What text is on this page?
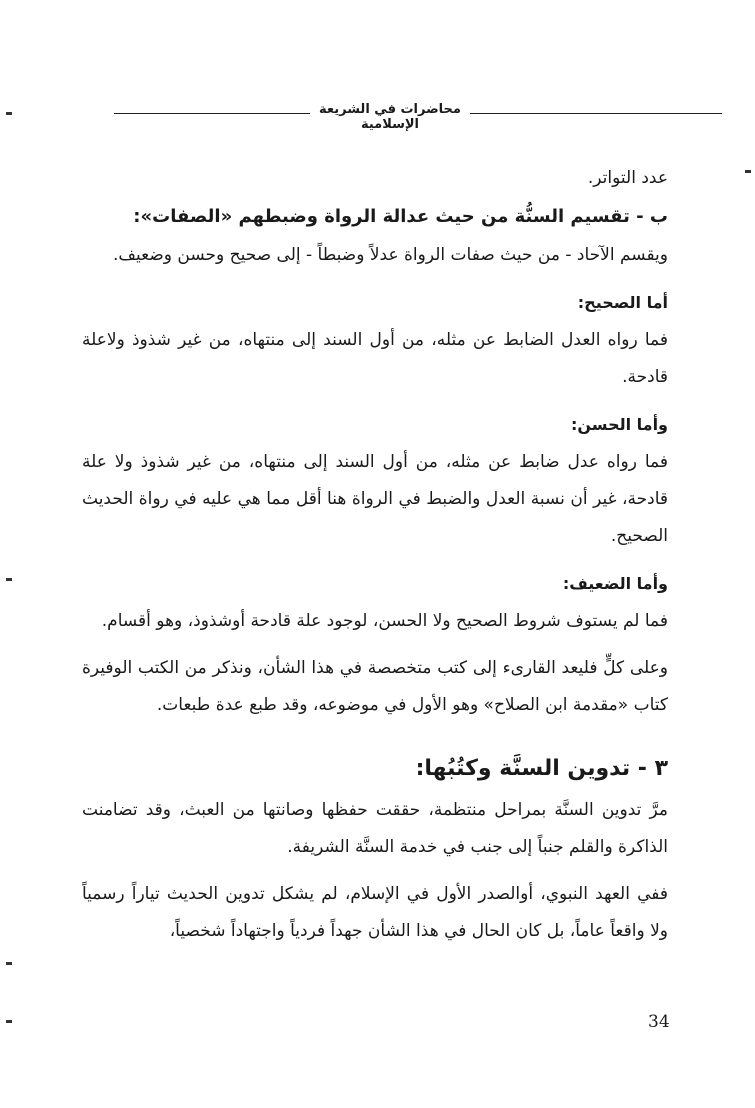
محاضرات في الشريعة الإسلامية

عدد التواتر.

ب - تقسيم السنُّة من حيث عدالة الرواة وضبطهم «الصفات»:

ويقسم الآحاد - من حيث صفات الرواة عدلاً وضبطاً - إلى صحيح وحسن وضعيف.

أما الصحيح:

فما رواه العدل الضابط عن مثله، من أول السند إلى منتهاه، من غير شذوذ ولاعلة قادحة.

وأما الحسن:

فما رواه عدل ضابط عن مثله، من أول السند إلى منتهاه، من غير شذوذ ولا علة قادحة، غير أن نسبة العدل والضبط في الرواة هنا أقل مما هي عليه في رواة الحديث الصحيح.

وأما الضعيف:

فما لم يستوف شروط الصحيح ولا الحسن، لوجود علة قادحة أوشذوذ، وهو أقسام.

وعلى كلٍّ فليعد القارىء إلى كتب متخصصة في هذا الشأن، ونذكر من الكتب الوفيرة كتاب «مقدمة ابن الصلاح» وهو الأول في موضوعه، وقد طبع عدة طبعات.

٣ - تدوين السنَّة وكتُبُها:

مرَّ تدوين السنَّة بمراحل منتظمة، حققت حفظها وصانتها من العبث، وقد تضامنت الذاكرة والقلم جنباً إلى جنب في خدمة السنَّة الشريفة.

ففي العهد النبوي، أوالصدر الأول في الإسلام، لم يشكل تدوين الحديث تياراً رسمياً ولا واقعاً عاماً، بل كان الحال في هذا الشأن جهداً فردياً واجتهاداً شخصياً،

34
